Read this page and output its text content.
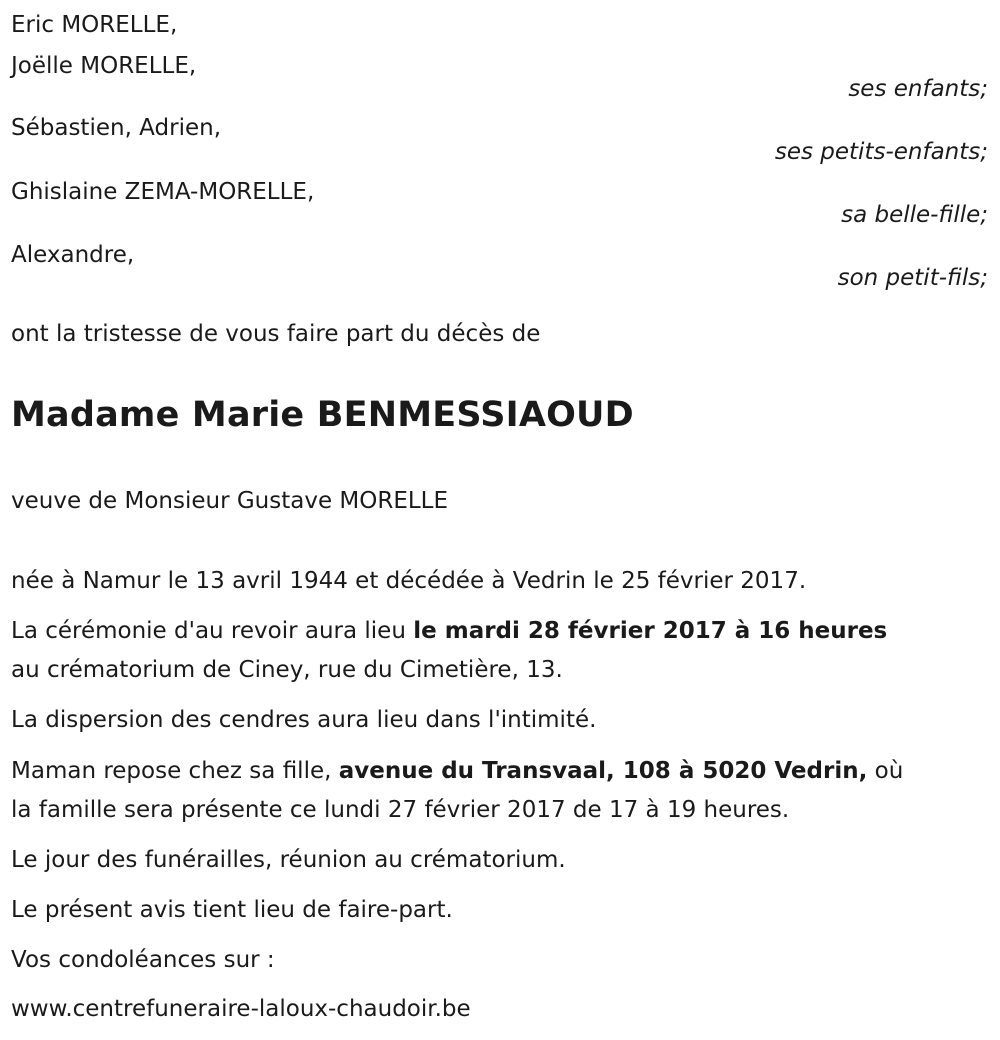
Eric MORELLE,
Joëlle MORELLE,
ses enfants;
Sébastien, Adrien,
ses petits-enfants;
Ghislaine ZEMA-MORELLE,
sa belle-fille;
Alexandre,
son petit-fils;
ont la tristesse de vous faire part du décès de
Madame Marie BENMESSIAOUD
veuve de Monsieur Gustave MORELLE
née à Namur le 13 avril 1944 et décédée à Vedrin le 25 février 2017.
La cérémonie d'au revoir aura lieu le mardi 28 février 2017 à 16 heures
au crématorium de Ciney, rue du Cimetière, 13.
La dispersion des cendres aura lieu dans l'intimité.
Maman repose chez sa fille, avenue du Transvaal, 108 à 5020 Vedrin, où
la famille sera présente ce lundi 27 février 2017 de 17 à 19 heures.
Le jour des funérailles, réunion au crématorium.
Le présent avis tient lieu de faire-part.
Vos condoléances sur :
www.centrefuneraire-laloux-chaudoir.be
